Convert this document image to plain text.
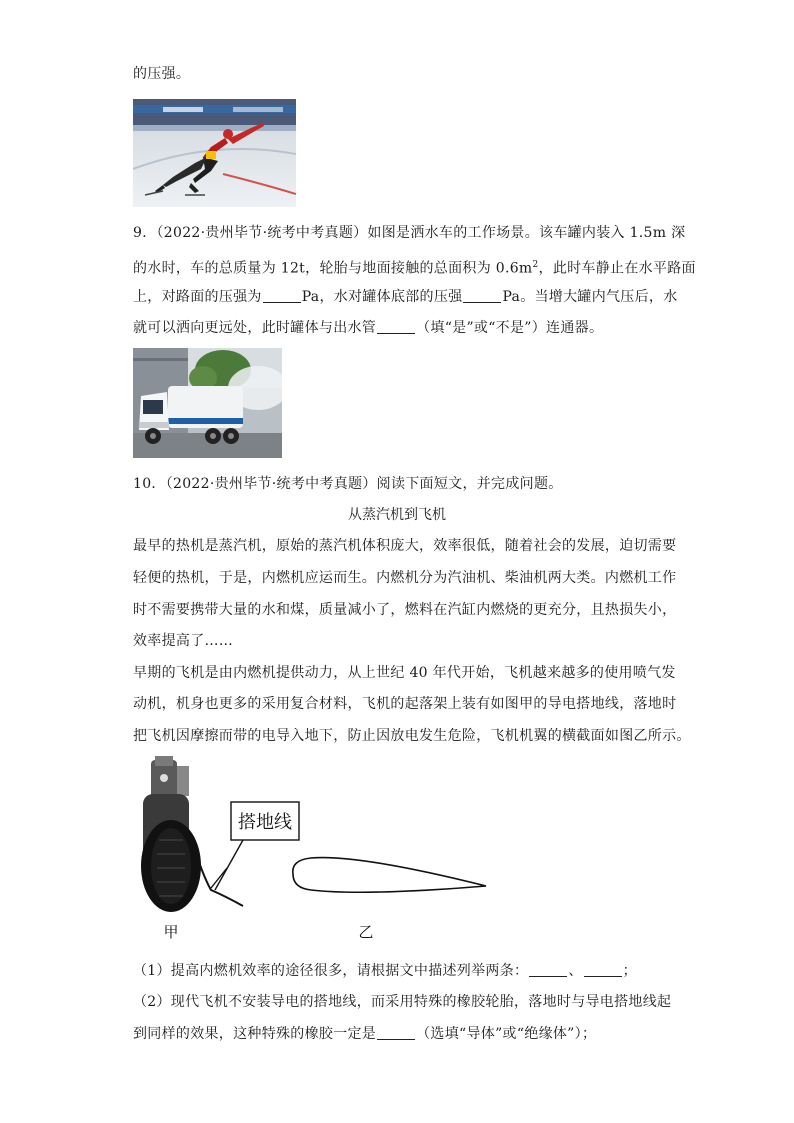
的压强。
9．（2022·贵州毕节·统考中考真题）如图是洒水车的工作场景。该车罐内装入 1.5m 深
的水时，车的总质量为 12t，轮胎与地面接触的总面积为 $0.6m^2$，此时车静止在水平路面
上，对路面的压强为	Pa，水对罐体底部的压强	Pa。当增大罐内气压后，水
就可以洒向更远处，此时罐体与出水管	（填“是”或“不是”）连通器。
10．（2022·贵州毕节·统考中考真题）阅读下面短文，并完成问题。
从蒸汽机到飞机
最早的热机是蒸汽机，原始的蒸汽机体积庞大，效率很低，随着社会的发展，迫切需要
轻便的热机，于是，内燃机应运而生。内燃机分为汽油机、柴油机两大类。内燃机工作
时不需要携带大量的水和煤，质量减小了，燃料在汽缸内燃烧的更充分，且热损失小，
效率提高了……
早期的飞机是由内燃机提供动力，从上世纪 40 年代开始，飞机越来越多的使用喷气发
动机，机身也更多的采用复合材料，飞机的起落架上装有如图甲的导电搭地线，落地时
把飞机因摩擦而带的电导入地下，防止因放电发生危险，飞机机翼的横截面如图乙所示。
搭地线
甲	乙
（1）提高内燃机效率的途径很多，请根据文中描述列举两条：	、	；
（2）现代飞机不安装导电的搭地线，而采用特殊的橡胶轮胎，落地时与导电搭地线起
到同样的效果，这种特殊的橡胶一定是	（选填“导体”或“绝缘体”）；
